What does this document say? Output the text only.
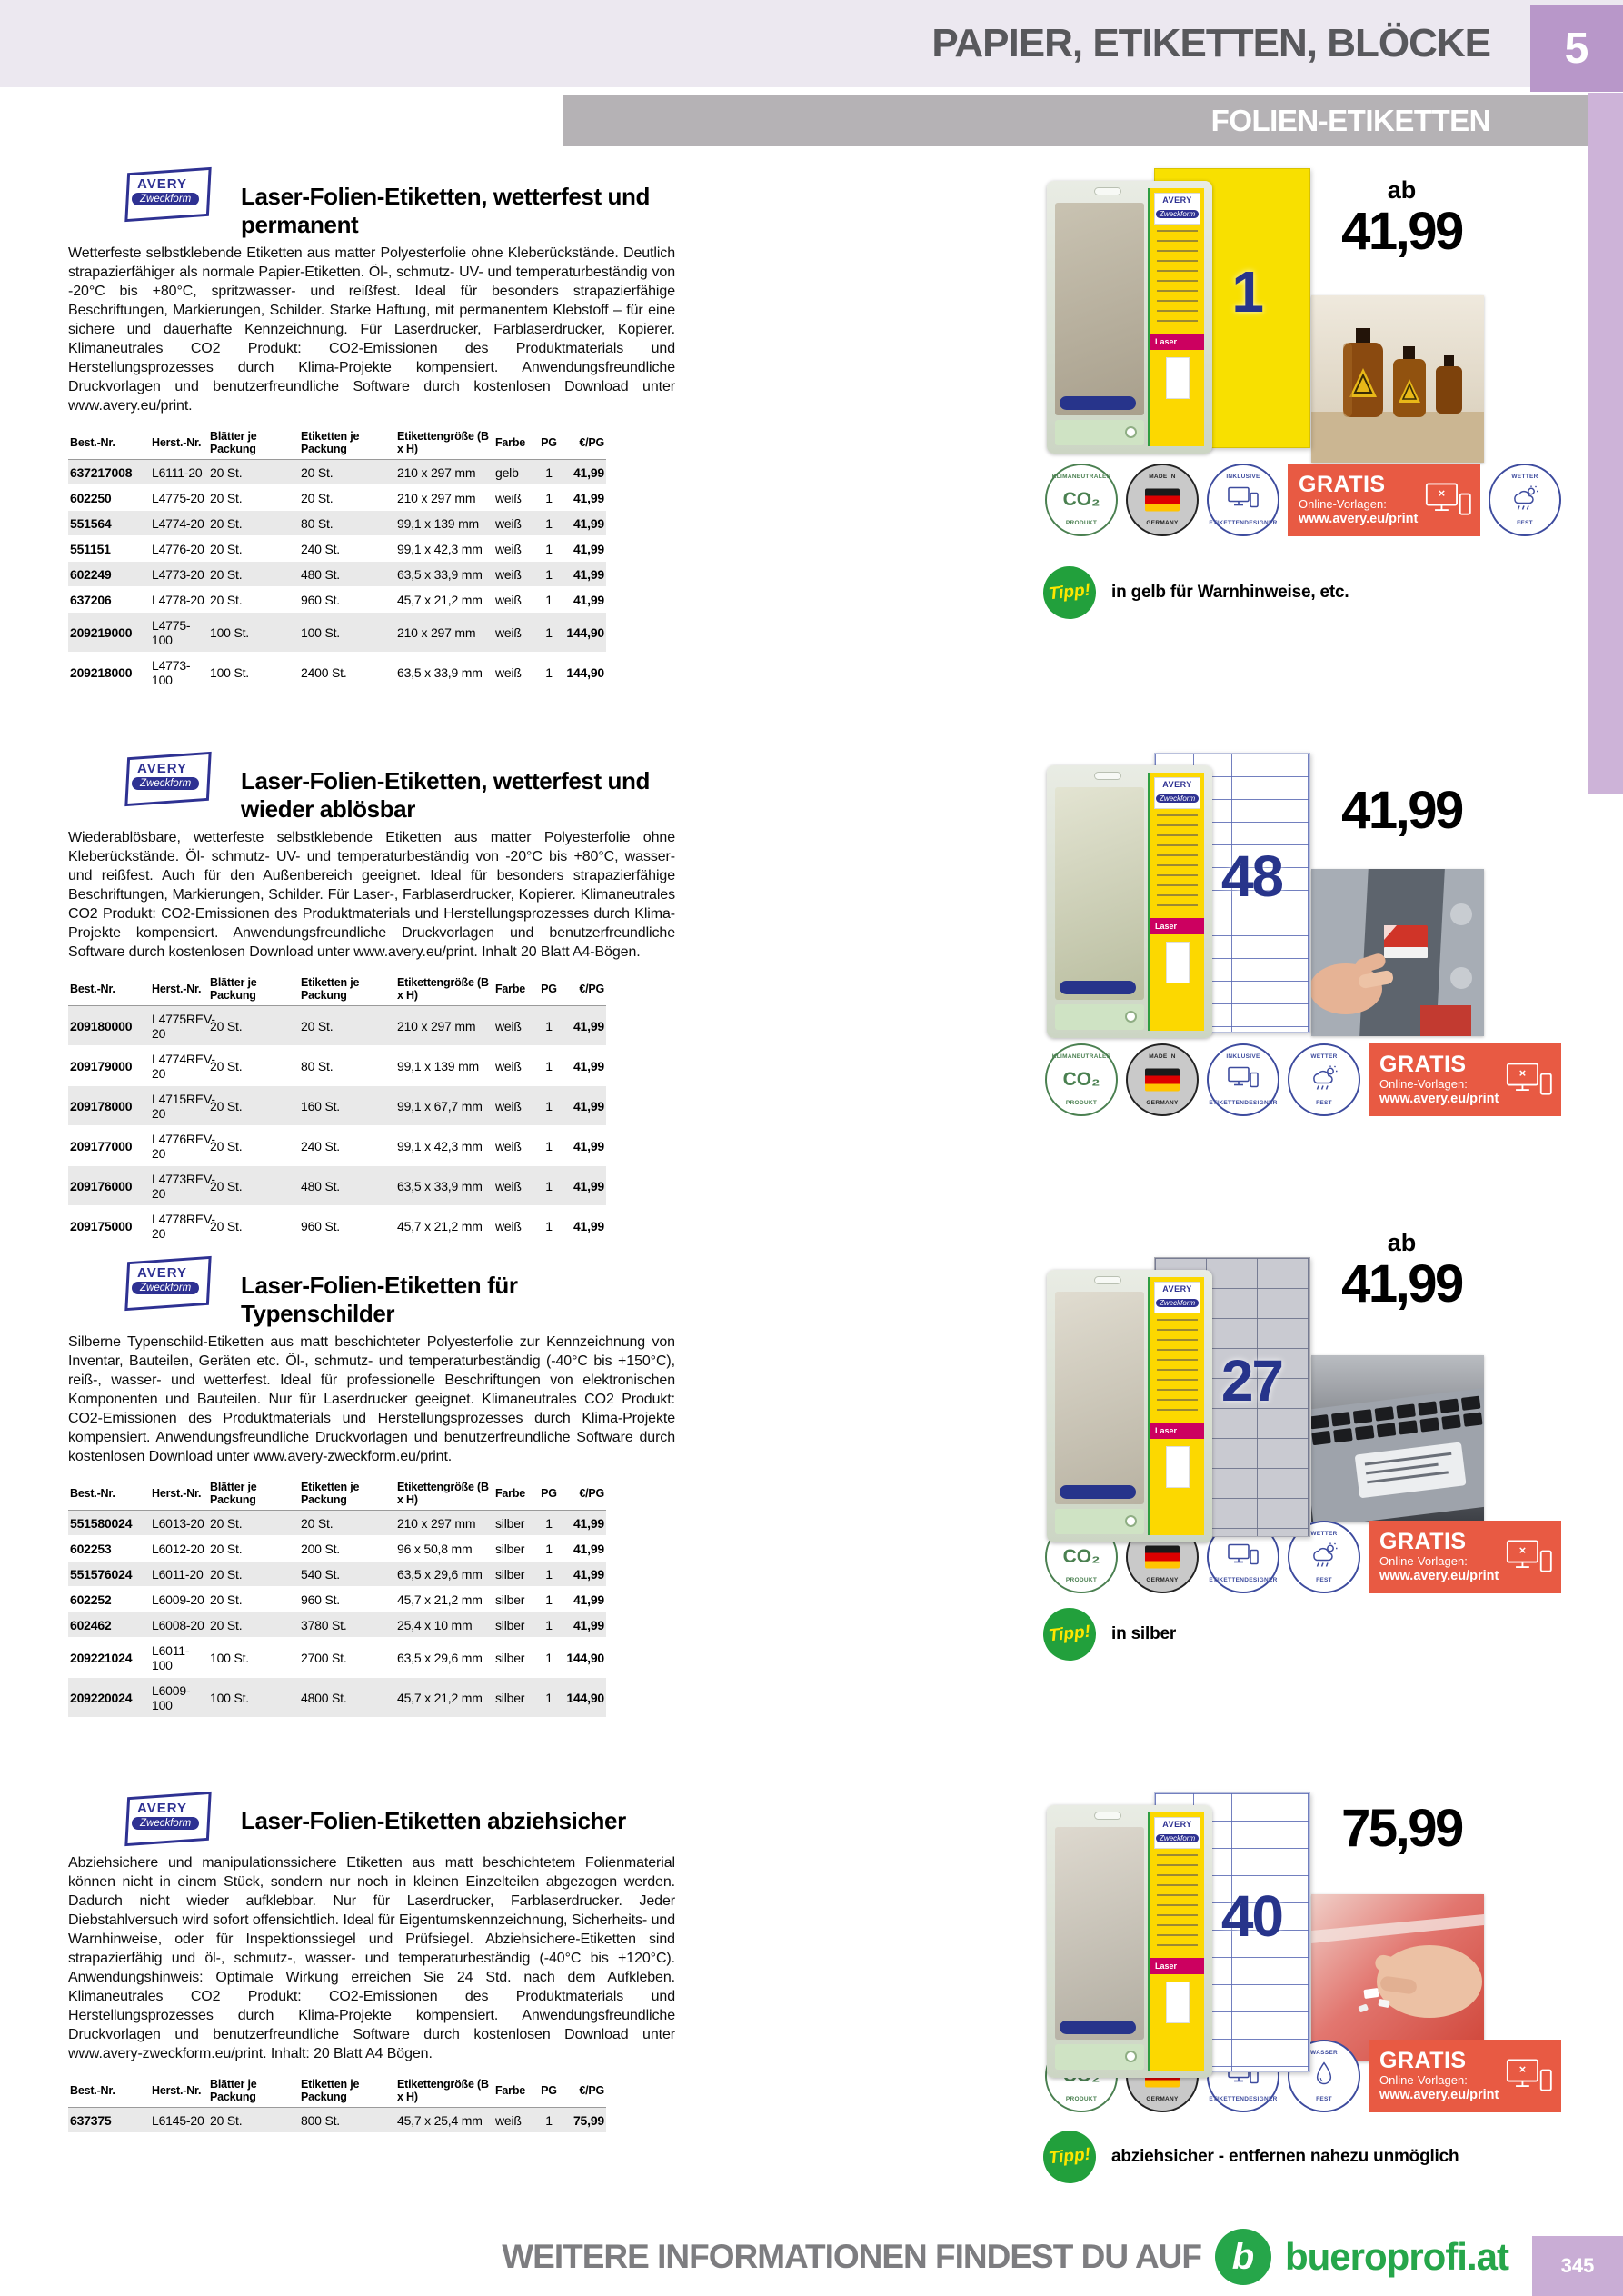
PAPIER, ETIKETTEN, BLÖCKE 5
FOLIEN-ETIKETTEN
AVERY
Zweckform	Laser-Folien-Etiketten, wetterfest und permanent

Wetterfeste selbstklebende Etiketten aus matter Polyesterfolie ohne Kleberückstände. Deutlich strapazierfähiger als normale Papier-Etiketten. Öl-, schmutz- UV- und temperaturbeständig von -20°C bis +80°C, spritzwasser- und reißfest. Ideal für besonders strapazierfähige Beschriftungen, Markierungen, Schilder. Starke Haftung, mit permanentem Klebstoff – für eine sichere und dauerhafte Kennzeichnung. Für Laserdrucker, Farblaserdrucker, Kopierer. Klimaneutrales CO2 Produkt: CO2-Emissionen des Produktmaterials und Herstellungsprozesses durch Klima-Projekte kompensiert. Anwendungsfreundliche Druckvorlagen und benutzerfreundliche Software durch kostenlosen Download unter www.avery.eu/print.

Best.-Nr.	Herst.-Nr.	Blätter je Packung	Etiketten je Packung	Etikettengröße (B x H)	Farbe	PG	€/PG
637217008	L6111-20	20 St.	20 St.	210 x 297 mm	gelb	1	41,99
602250	L4775-20	20 St.	20 St.	210 x 297 mm	weiß	1	41,99
551564	L4774-20	20 St.	80 St.	99,1 x 139 mm	weiß	1	41,99
551151	L4776-20	20 St.	240 St.	99,1 x 42,3 mm	weiß	1	41,99
602249	L4773-20	20 St.	480 St.	63,5 x 33,9 mm	weiß	1	41,99
637206	L4778-20	20 St.	960 St.	45,7 x 21,2 mm	weiß	1	41,99
209219000	L4775-100	100 St.	100 St.	210 x 297 mm	weiß	1	144,90
209218000	L4773-100	100 St.	2400 St.	63,5 x 33,9 mm	weiß	1	144,90
1
AVERY
Zweckform
Laser
ab
41,99
KLIMANEUTRALES
CO₂
PRODUKT
MADE IN
GERMANY
INKLUSIVE
ETIKETTENDESIGNER
GRATIS
Online-Vorlagen:
www.avery.eu/print
WETTER
FEST
Tipp!	in gelb für Warnhinweise, etc.
AVERY
Zweckform	Laser-Folien-Etiketten, wetterfest und wieder ablösbar

Wiederablösbare, wetterfeste selbstklebende Etiketten aus matter Polyesterfolie ohne Kleberückstände. Öl- schmutz- UV- und temperaturbeständig von -20°C bis +80°C, wasser- und reißfest. Auch für den Außenbereich geeignet. Ideal für besonders strapazierfähige Beschriftungen, Markierungen, Schilder. Für Laser-, Farblaserdrucker, Kopierer. Klimaneutrales CO2 Produkt: CO2-Emissionen des Produktmaterials und Herstellungsprozesses durch Klima-Projekte kompensiert. Anwendungsfreundliche Druckvorlagen und benutzerfreundliche Software durch kostenlosen Download unter www.avery.eu/print. Inhalt 20 Blatt A4-Bögen.

Best.-Nr.	Herst.-Nr.	Blätter je Packung	Etiketten je Packung	Etikettengröße (B x H)	Farbe	PG	€/PG
209180000	L4775REV-20	20 St.	20 St.	210 x 297 mm	weiß	1	41,99
209179000	L4774REV-20	20 St.	80 St.	99,1 x 139 mm	weiß	1	41,99
209178000	L4715REV-20	20 St.	160 St.	99,1 x 67,7 mm	weiß	1	41,99
209177000	L4776REV-20	20 St.	240 St.	99,1 x 42,3 mm	weiß	1	41,99
209176000	L4773REV-20	20 St.	480 St.	63,5 x 33,9 mm	weiß	1	41,99
209175000	L4778REV-20	20 St.	960 St.	45,7 x 21,2 mm	weiß	1	41,99
48
AVERY
Zweckform
Laser
41,99
KLIMANEUTRALES
CO₂
PRODUKT
MADE IN
GERMANY
INKLUSIVE
ETIKETTENDESIGNER
WETTER
FEST
GRATIS
Online-Vorlagen:
www.avery.eu/print
AVERY
Zweckform	Laser-Folien-Etiketten für Typenschilder

Silberne Typenschild-Etiketten aus matt beschichteter Polyesterfolie zur Kennzeichnung von Inventar, Bauteilen, Geräten etc. Öl-, schmutz- und temperaturbeständig (-40°C bis +150°C), reiß-, wasser- und wetterfest. Ideal für professionelle Beschriftungen von elektronischen Komponenten und Bauteilen. Nur für Laserdrucker geeignet. Klimaneutrales CO2 Produkt: CO2-Emissionen des Produktmaterials und Herstellungsprozesses durch Klima-Projekte kompensiert. Anwendungsfreundliche Druckvorlagen und benutzerfreundliche Software durch kostenlosen Download unter www.avery-zweckform.eu/print.

Best.-Nr.	Herst.-Nr.	Blätter je Packung	Etiketten je Packung	Etikettengröße (B x H)	Farbe	PG	€/PG
551580024	L6013-20	20 St.	20 St.	210 x 297 mm	silber	1	41,99
602253	L6012-20	20 St.	200 St.	96 x 50,8 mm	silber	1	41,99
551576024	L6011-20	20 St.	540 St.	63,5 x 29,6 mm	silber	1	41,99
602252	L6009-20	20 St.	960 St.	45,7 x 21,2 mm	silber	1	41,99
602462	L6008-20	20 St.	3780 St.	25,4 x 10 mm	silber	1	41,99
209221024	L6011-100	100 St.	2700 St.	63,5 x 29,6 mm	silber	1	144,90
209220024	L6009-100	100 St.	4800 St.	45,7 x 21,2 mm	silber	1	144,90
27
AVERY
Zweckform
Laser
ab
41,99
CO₂
PRODUKT	GERMANY	ETIKETTENDESIGNER
WETTER
FEST
GRATIS
Online-Vorlagen:
www.avery.eu/print
Tipp!	in silber
AVERY
Zweckform	Laser-Folien-Etiketten abziehsicher

Abziehsichere und manipulationssichere Etiketten aus matt beschichtetem Folienmaterial können nicht in einem Stück, sondern nur noch in kleinen Einzelteilen abgezogen werden. Dadurch nicht wieder aufklebbar. Nur für Laserdrucker, Farblaserdrucker. Jeder Diebstahlversuch wird sofort offensichtlich. Ideal für Eigentumskennzeichnung, Sicherheits- und Warnhinweise, oder für Inspektionssiegel und Prüfsiegel. Abziehsichere-Etiketten sind strapazierfähig und öl-, schmutz-, wasser- und temperaturbeständig (-40°C bis +120°C). Anwendungshinweis: Optimale Wirkung erreichen Sie 24 Std. nach dem Aufkleben. Klimaneutrales CO2 Produkt: CO2-Emissionen des Produktmaterials und Herstellungsprozesses durch Klima-Projekte kompensiert. Anwendungsfreundliche Druckvorlagen und benutzerfreundliche Software durch kostenlosen Download unter www.avery-zweckform.eu/print. Inhalt: 20 Blatt A4 Bögen.

Best.-Nr.	Herst.-Nr.	Blätter je Packung	Etiketten je Packung	Etikettengröße (B x H)	Farbe	PG	€/PG
637375	L6145-20	20 St.	800 St.	45,7 x 25,4 mm	weiß	1	75,99
40
AVERY
Zweckform
Laser
75,99
PRODUKT	GERMANY	ETIKETTENDESIGNER
WASSER
FEST
GRATIS
Online-Vorlagen:
www.avery.eu/print
Tipp!	abziehsicher - entfernen nahezu unmöglich
WEITERE INFORMATIONEN FINDEST DU AUF b bueroprofi.at	345
